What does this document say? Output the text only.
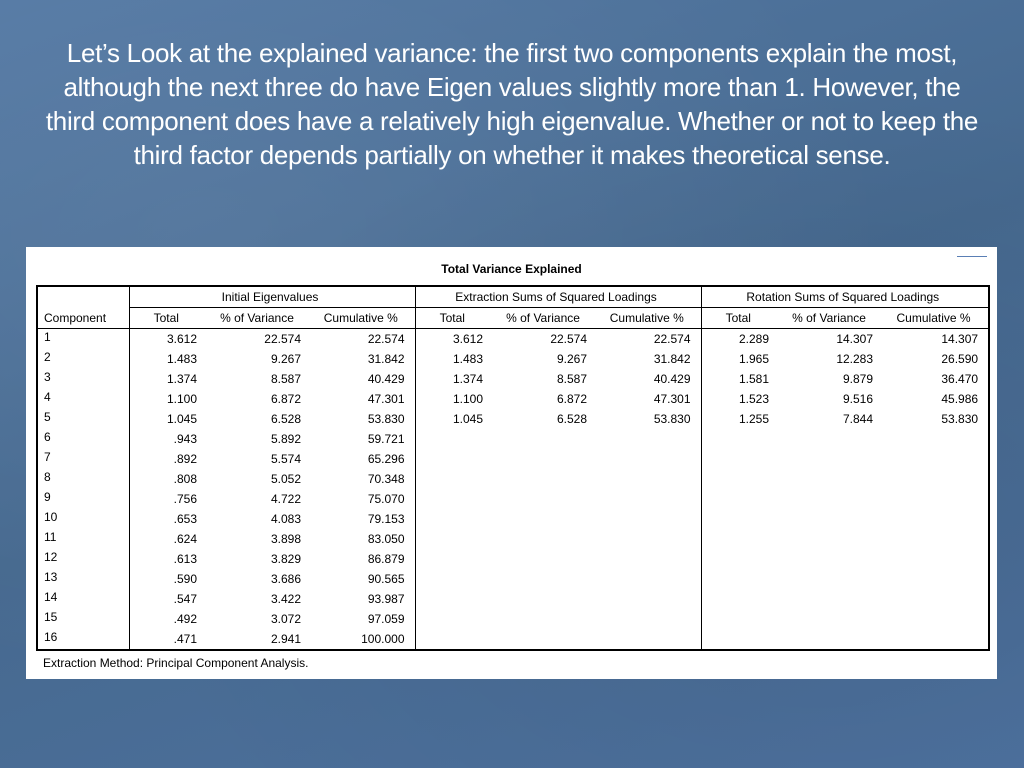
Let’s Look at the explained variance: the first two components explain the most, although the next three do have Eigen values slightly more than 1. However, the third component does have a relatively high eigenvalue. Whether or not to keep the third factor depends partially on whether it makes theoretical sense.
Total Variance Explained
	Initial Eigenvalues			Extraction Sums of Squared Loadings			Rotation Sums of Squared Loadings		
Component	Total	% of Variance	Cumulative %	Total	% of Variance	Cumulative %	Total	% of Variance	Cumulative %
1	3.612	22.574	22.574	3.612	22.574	22.574	2.289	14.307	14.307
2	1.483	9.267	31.842	1.483	9.267	31.842	1.965	12.283	26.590
3	1.374	8.587	40.429	1.374	8.587	40.429	1.581	9.879	36.470
4	1.100	6.872	47.301	1.100	6.872	47.301	1.523	9.516	45.986
5	1.045	6.528	53.830	1.045	6.528	53.830	1.255	7.844	53.830
6	.943	5.892	59.721						
7	.892	5.574	65.296						
8	.808	5.052	70.348						
9	.756	4.722	75.070						
10	.653	4.083	79.153						
11	.624	3.898	83.050						
12	.613	3.829	86.879						
13	.590	3.686	90.565						
14	.547	3.422	93.987						
15	.492	3.072	97.059						
16	.471	2.941	100.000						
Extraction Method: Principal Component Analysis.
